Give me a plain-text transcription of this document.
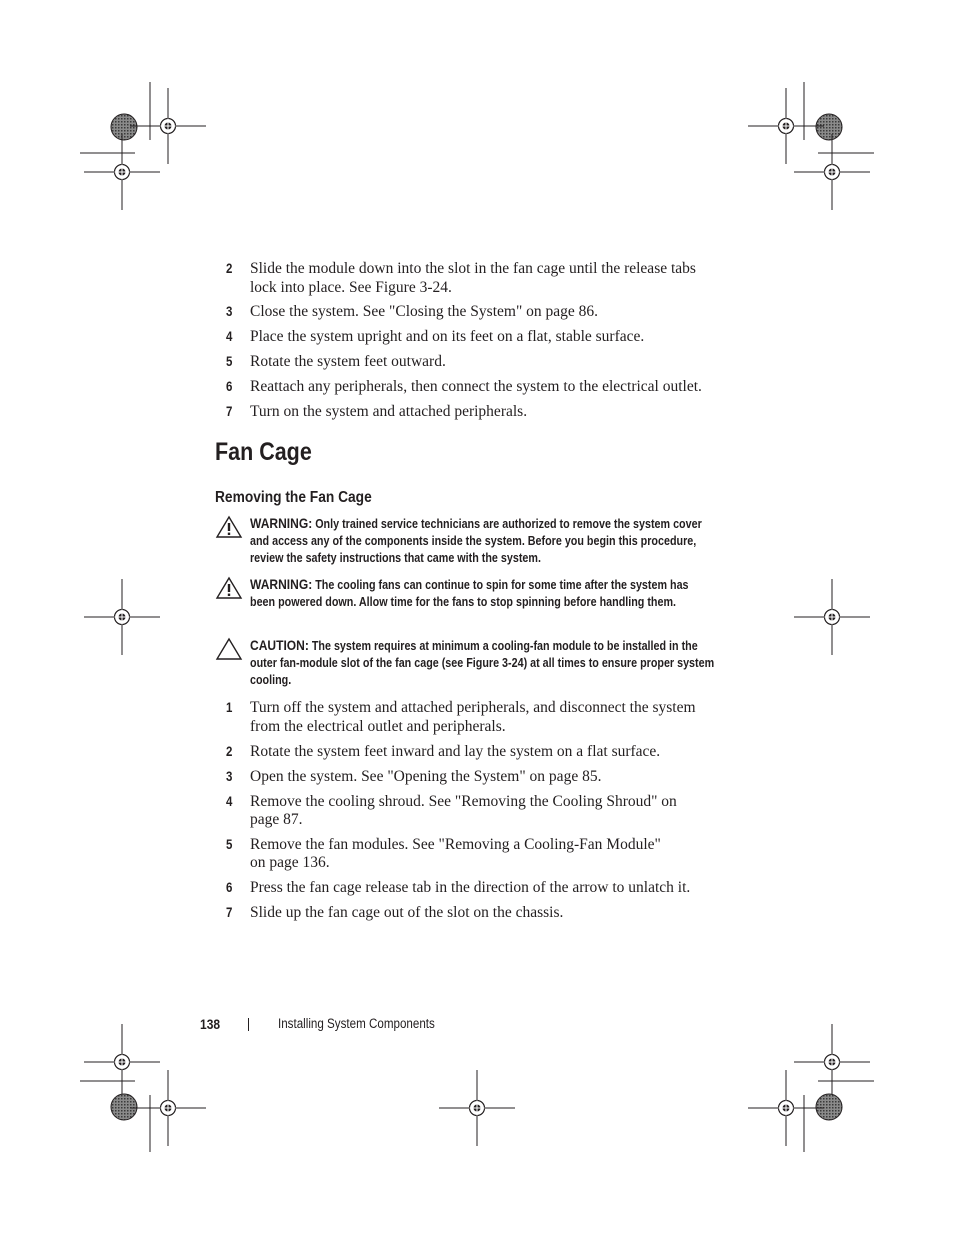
2 Slide the module down into the slot in the fan cage until the release tabs lock into place. See Figure 3-24.
3 Close the system. See "Closing the System" on page 86.
4 Place the system upright and on its feet on a flat, stable surface.
5 Rotate the system feet outward.
6 Reattach any peripherals, then connect the system to the electrical outlet.
7 Turn on the system and attached peripherals.
Fan Cage
Removing the Fan Cage
WARNING: Only trained service technicians are authorized to remove the system cover and access any of the components inside the system. Before you begin this procedure, review the safety instructions that came with the system.
WARNING: The cooling fans can continue to spin for some time after the system has been powered down. Allow time for the fans to stop spinning before handling them.
CAUTION: The system requires at minimum a cooling-fan module to be installed in the outer fan-module slot of the fan cage (see Figure 3-24) at all times to ensure proper system cooling.
1 Turn off the system and attached peripherals, and disconnect the system from the electrical outlet and peripherals.
2 Rotate the system feet inward and lay the system on a flat surface.
3 Open the system. See "Opening the System" on page 85.
4 Remove the cooling shroud. See "Removing the Cooling Shroud" on page 87.
5 Remove the fan modules. See "Removing a Cooling-Fan Module" on page 136.
6 Press the fan cage release tab in the direction of the arrow to unlatch it.
7 Slide up the fan cage out of the slot on the chassis.
138	Installing System Components
